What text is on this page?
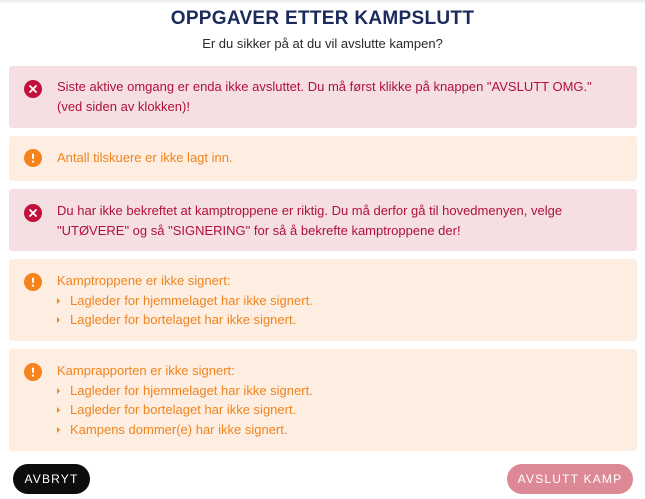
OPPGAVER ETTER KAMPSLUTT

Er du sikker på at du vil avslutte kampen?

Siste aktive omgang er enda ikke avsluttet. Du må først klikke på knappen "AVSLUTT OMG."
(ved siden av klokken)!
Antall tilskuere er ikke lagt inn.
Du har ikke bekreftet at kamptroppene er riktig. Du må derfor gå til hovedmenyen, velge
"UTØVERE" og så "SIGNERING" for så å bekrefte kamptroppene der!
Kamptroppene er ikke signert:
Lagleder for hjemmelaget har ikke signert.
Lagleder for bortelaget har ikke signert.
Kamprapporten er ikke signert:
Lagleder for hjemmelaget har ikke signert.
Lagleder for bortelaget har ikke signert.
Kampens dommer(e) har ikke signert.
AVBRYT	AVSLUTT KAMP
